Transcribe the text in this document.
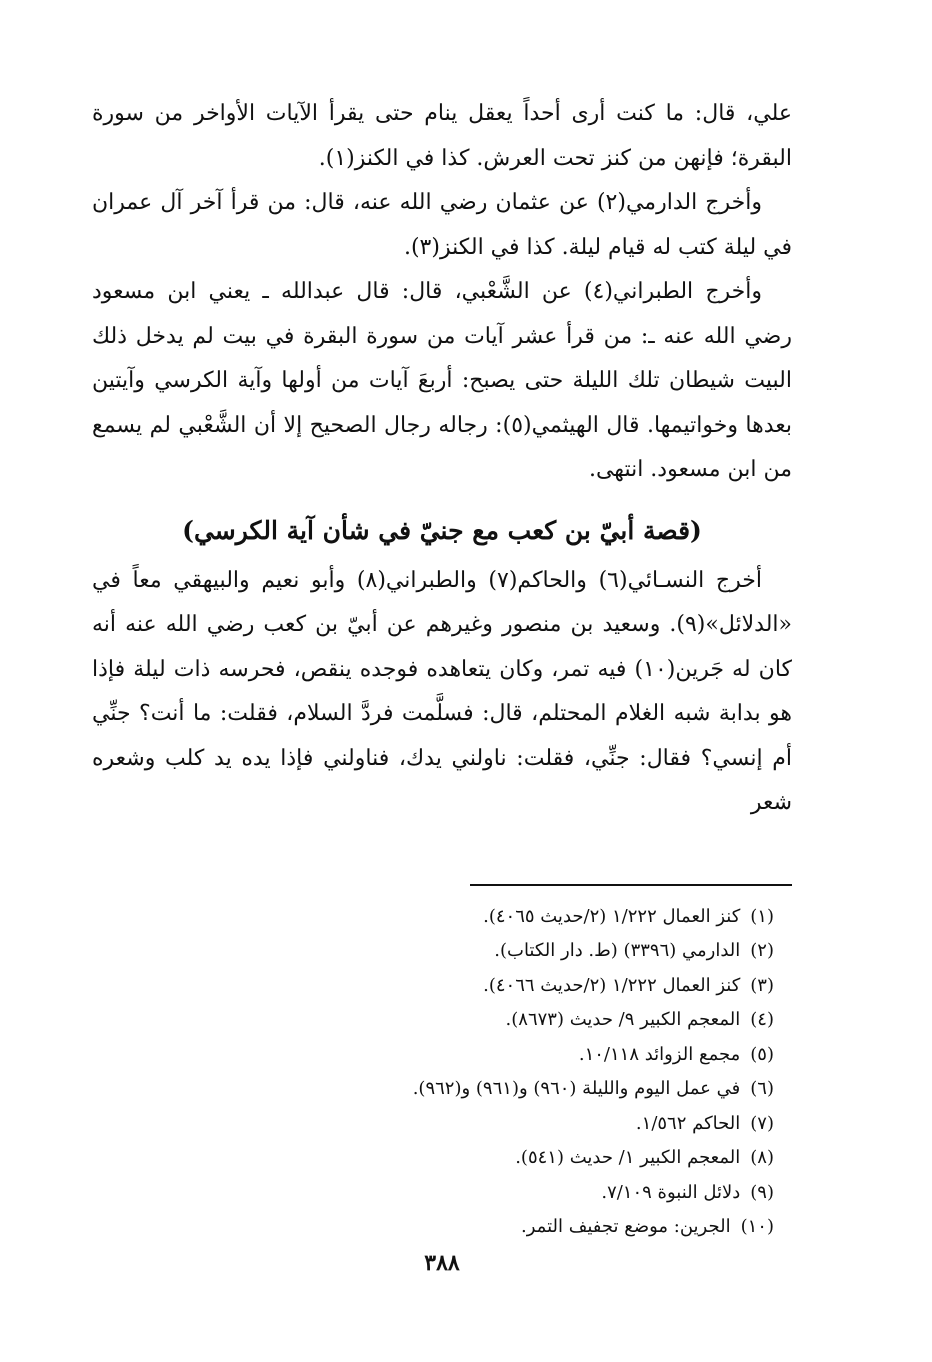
علي، قال: ما كنت أرى أحداً يعقل ينام حتى يقرأ الآيات الأواخر من سورة البقرة؛ فإنهن من كنز تحت العرش. كذا في الكنز(١).

وأخرج الدارمي(٢) عن عثمان رضي الله عنه، قال: من قرأ آخر آل عمران في ليلة كتب له قيام ليلة. كذا في الكنز(٣).

وأخرج الطبراني(٤) عن الشَّعْبي، قال: قال عبدالله ـ يعني ابن مسعود رضي الله عنه ـ: من قرأ عشر آيات من سورة البقرة في بيت لم يدخل ذلك البيت شيطان تلك الليلة حتى يصبح: أربعَ آيات من أولها وآية الكرسي وآيتين بعدها وخواتيمها. قال الهيثمي(٥): رجاله رجال الصحيح إلا أن الشَّعْبي لم يسمع من ابن مسعود. انتهى.

(قصة أبيّ بن كعب مع جنيّ في شأن آية الكرسي)

أخرج النسـائي(٦) والحاكم(٧) والطبراني(٨) وأبو نعيم والبيهقي معاً في «الدلائل»(٩). وسعيد بن منصور وغيرهم عن أبيّ بن كعب رضي الله عنه أنه كان له جَرين(١٠) فيه تمر، وكان يتعاهده فوجده ينقص، فحرسه ذات ليلة فإذا هو بدابة شبه الغلام المحتلم، قال: فسلَّمت فردَّ السلام، فقلت: ما أنت؟ جنِّي أم إنسي؟ فقال: جنِّي، فقلت: ناولني يدك، فناولني فإذا يده يد كلب وشعره شعر

(١)كنز العمال ١/٢٢٢ (٢/حديث ٤٠٦٥).
(٢)الدارمي (٣٣٩٦) (ط. دار الكتاب).
(٣)كنز العمال ١/٢٢٢ (٢/حديث ٤٠٦٦).
(٤)المعجم الكبير ٩/ حديث (٨٦٧٣).
(٥)مجمع الزوائد ١٠/١١٨.
(٦)في عمل اليوم والليلة (٩٦٠) و(٩٦١) و(٩٦٢).
(٧)الحاكم ١/٥٦٢.
(٨)المعجم الكبير ١/ حديث (٥٤١).
(٩)دلائل النبوة ٧/١٠٩.
(١٠)الجرين: موضع تجفيف التمر.
٣٨٨
